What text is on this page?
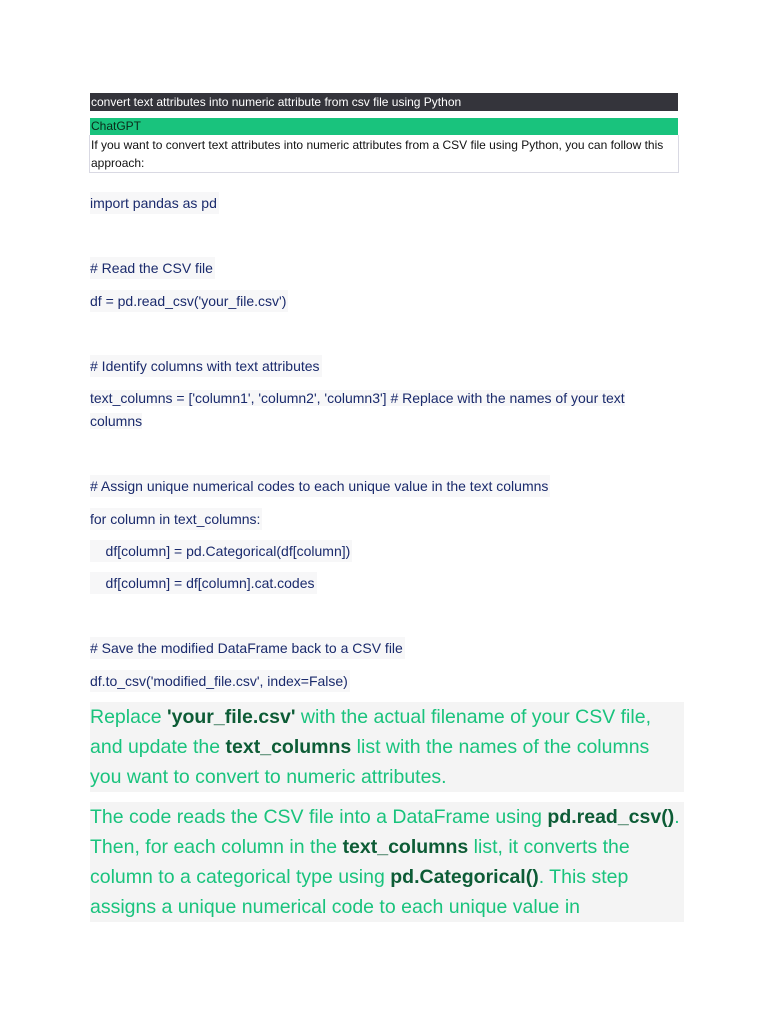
convert text attributes into numeric attribute from csv file using Python
ChatGPT
If you want to convert text attributes into numeric attributes from a CSV file using Python, you can follow this approach:
import pandas as pd
# Read the CSV file
df = pd.read_csv('your_file.csv')
# Identify columns with text attributes
text_columns = ['column1', 'column2', 'column3'] # Replace with the names of your text columns
# Assign unique numerical codes to each unique value in the text columns
for column in text_columns:
df[column] = pd.Categorical(df[column])
df[column] = df[column].cat.codes
# Save the modified DataFrame back to a CSV file
df.to_csv('modified_file.csv', index=False)
Replace 'your_file.csv' with the actual filename of your CSV file, and update the text_columns list with the names of the columns you want to convert to numeric attributes.
The code reads the CSV file into a DataFrame using pd.read_csv(). Then, for each column in the text_columns list, it converts the column to a categorical type using pd.Categorical(). This step assigns a unique numerical code to each unique value in
